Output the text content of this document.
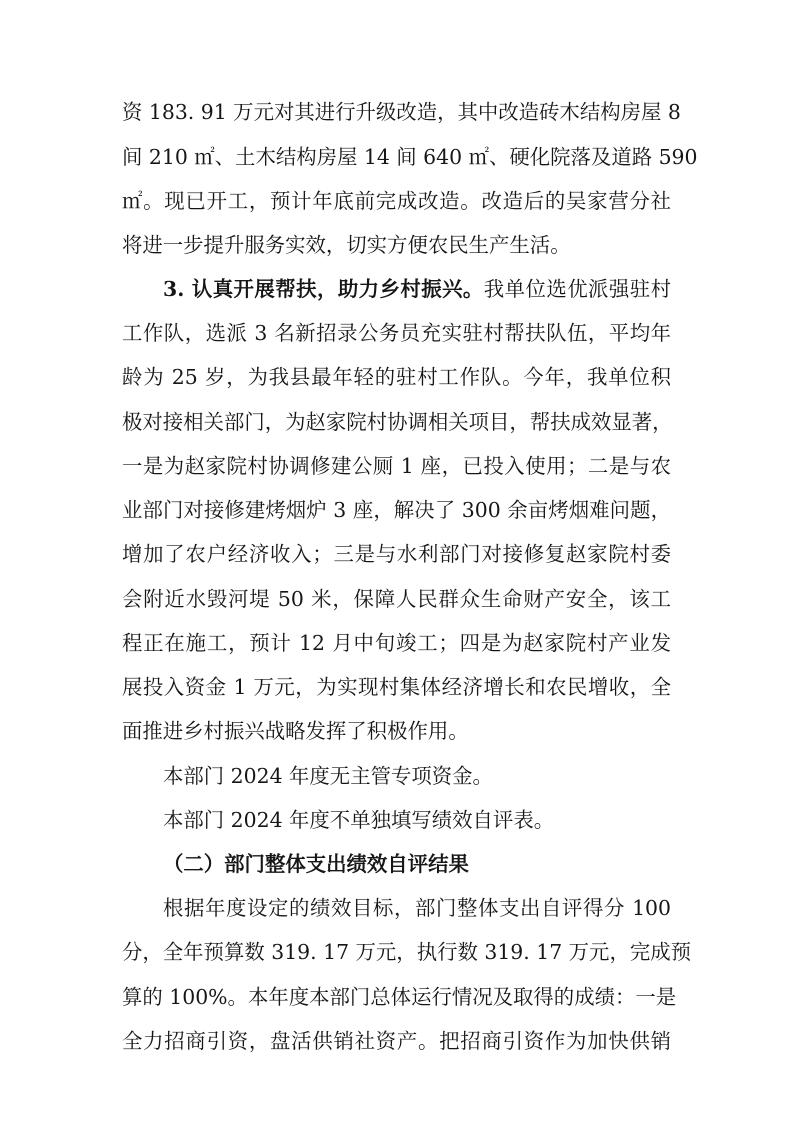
资 183. 91 万元对其进行升级改造，其中改造砖木结构房屋 8
间 210 ㎡、土木结构房屋 14 间 640 ㎡、硬化院落及道路 590
㎡。现已开工，预计年底前完成改造。改造后的吴家营分社
将进一步提升服务实效，切实方便农民生产生活。
3. 认真开展帮扶，助力乡村振兴。我单位选优派强驻村
工作队，选派 3 名新招录公务员充实驻村帮扶队伍，平均年
龄为 25 岁，为我县最年轻的驻村工作队。今年，我单位积
极对接相关部门，为赵家院村协调相关项目，帮扶成效显著，
一是为赵家院村协调修建公厕 1 座，已投入使用；二是与农
业部门对接修建烤烟炉 3 座，解决了 300 余亩烤烟难问题，
增加了农户经济收入；三是与水利部门对接修复赵家院村委
会附近水毁河堤 50 米，保障人民群众生命财产安全，该工
程正在施工，预计 12 月中旬竣工；四是为赵家院村产业发
展投入资金 1 万元，为实现村集体经济增长和农民增收，全
面推进乡村振兴战略发挥了积极作用。
本部门 2024 年度无主管专项资金。
本部门 2024 年度不单独填写绩效自评表。
（二）部门整体支出绩效自评结果
根据年度设定的绩效目标，部门整体支出自评得分 100
分，全年预算数 319. 17 万元，执行数 319. 17 万元，完成预
算的 100%。本年度本部门总体运行情况及取得的成绩：一是
全力招商引资，盘活供销社资产。把招商引资作为加快供销
